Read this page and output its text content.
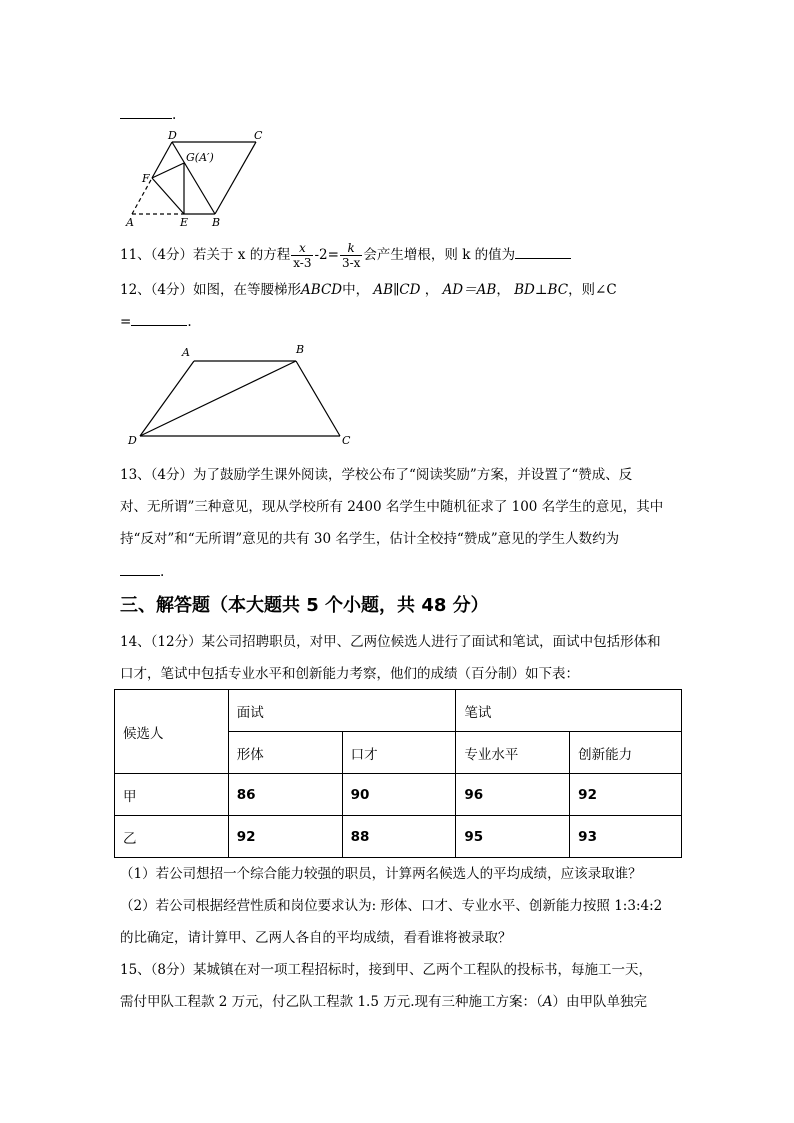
.
D	C
G(A′)
F
A	E B
11、（4分）若关于 x 的方程 $\frac{x}{x-3} -2= \frac{k}{3-x}$ 会产生增根，则 k 的值为
12、（4分）如图，在等腰梯形ABCD中， AB∥CD ， AD＝AB， BD⊥BC，则∠C
=	.
A	B
D	C
13、（4分）为了鼓励学生课外阅读，学校公布了“阅读奖励”方案，并设置了“赞成、反
对、无所谓”三种意见，现从学校所有 2400 名学生中随机征求了 100 名学生的意见，其中
持“反对”和“无所谓”意见的共有 30 名学生，估计全校持“赞成”意见的学生人数约为
.
三、解答题（本大题共 5 个小题，共 48 分）
14、（12分）某公司招聘职员，对甲、乙两位候选人进行了面试和笔试，面试中包括形体和
口才，笔试中包括专业水平和创新能力考察，他们的成绩（百分制）如下表：
候选人	面试		笔试	
	形体	口才	专业水平	创新能力
甲	86	90	96	92
乙	92	88	95	93
（1）若公司想招一个综合能力较强的职员，计算两名候选人的平均成绩，应该录取谁？
（2）若公司根据经营性质和岗位要求认为: 形体、口才、专业水平、创新能力按照 1:3:4:2
的比确定，请计算甲、乙两人各自的平均成绩，看看谁将被录取？
15、（8分）某城镇在对一项工程招标时，接到甲、乙两个工程队的投标书，每施工一天，
需付甲队工程款 2 万元，付乙队工程款 1.5 万元.现有三种施工方案：（A）由甲队单独完
